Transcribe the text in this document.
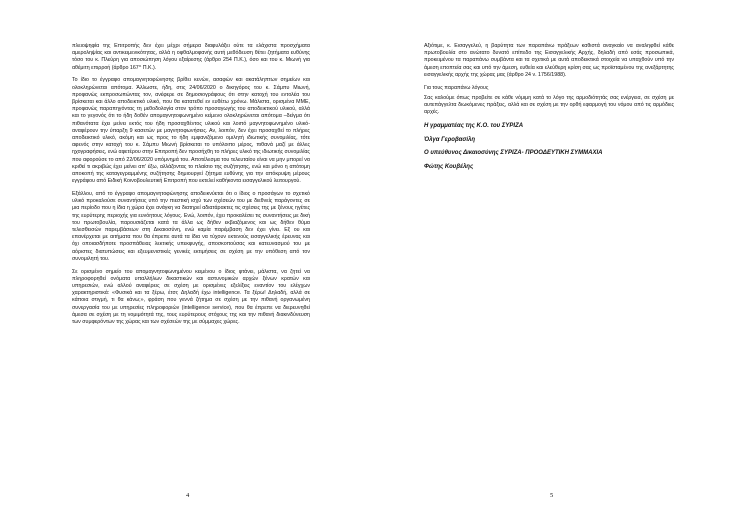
πλειοψηφία της Επιτροπής δεν έχει μέχρι σήμερα διαφυλάξει ούτε τα ελάχιστα προσχήματα αμεροληψίας και αντικειμενικότητας, αλλά η οφθαλμοφανής αυτή μεθόδευση θέτει ζητήματα ευθύνης τόσο του κ. Πλεύρη για αποσιώπηση λόγου εξαίρεσης (άρθρο 254 Π.Κ.), όσο και του κ. Μιωνή για αθέμιτη επιρροή (άρθρο 167^ Π.Κ.).

Το ίδιο το έγγραφο απομαγνητοφώνησης βρίθει κενών, ασαφών και ακατάληπτων σημείων και ολοκληρώνεται απότομα. Άλλωστε, ήδη, στις 24/06/2020 ο δικηγόρος του κ. Σάμπυ Μιωνή, προφανώς εκπροσωπώντας τον, ανέφερε σε δημοσιογράφους ότι στην κατοχή του εντολέα του βρίσκεται και άλλο αποδεικτικό υλικό, που θα κατατεθεί εν ευθέτω χρόνω. Μάλιστα, ορισμένα ΜΜΕ, προφανώς παραπηγόντας τη μεθοδολογία στον τρόπο προσαγωγής του αποδεικτικού υλικού, αλλά και το γεγονός ότι το ήδη δοθέν απομαγνητοφωνημένο κείμενο ολοκληρώνεται απότομα –δείγμα ότι πιθανότατα έχει μείνει εκτός του ήδη προσαχθέντος υλικού και λοιπό μαγνητοφωνημένο υλικό- αναφέρουν την ύπαρξη 9 κασετών με μαγνητοφωνήσεις. Αν, λοιπόν, δεν έχει προσαχθεί το πλήρες αποδεικτικό υλικό, ακόμη και ως προς το ήδη εμφανιζόμενο ομιλητή ιδιωτικής συνομιλίας, τότε αφενός στην κατοχή του κ. Σάμπυ Μιωνή βρίσκεται το υπόλοιπο μέρος, πιθανά μαζί με άλλες ηχογραφήσεις, ενώ αφετέρου στην Επιτροπή δεν προσήχθη το πλήρες υλικό της ιδιωτικής συνομιλίας που αφορούσε το από 22/06/2020 υπόμνημά του. Αποτέλεσμα του τελευταίου είναι να μην μπορεί να κριθεί τι ακριβώς έχει μείνει απ' έξω, αλλάζοντας το πλαίσιο της συζήτησης, ενώ και μόνο η απότομη αποκοπή της καταγεγραμμένης συζήτησης δημιουργεί ζήτημα ευθύνης για την απόκρυψη μέρους εγγράφου από Ειδική Κοινοβουλευτική Επιτροπή που εκτελεί καθήκοντα εισαγγελικού λειτουργού.

Εξάλλου, από το έγγραφο απομαγνητοφώνησης αποδεικνύεται ότι ο ίδιος ο προσάγων το σχετικό υλικό προκαλούσε συναντήσεις υπό την πιεστική ισχύ των σχέσεών του με διεθνείς παράγοντες σε μια περίοδο που η ίδια η χώρα έχει ανάγκη να διατηρεί αδιατάρακτες τις σχέσεις της με ξένους ηγέτες της ευρύτερης περιοχής για ευνόητους λόγους. Ενώ, λοιπόν, έχει προκαλέσει τις συναντήσεις με δική του πρωτοβουλία, παρουσιάζεται κατά τα άλλα ως δήθεν εκβιαζόμενος και ως δήθεν θύμα τελεσθεισών παρεμβάσεων στη Δικαιοσύνη, ενώ καμία παρέμβαση δεν έχει γίνει. Εξ ου και επανέρχεται με αιτήματα που θα έπρεπε αυτά τα ίδια να τύχουν εκτενούς εισαγγελικής έρευνας και όχι οποιασδήποτε προσπάθειας λεκτικής υπεκφυγής, αποσκοπούσας και κατευνασμού του με αόριστες διατυπώσεις και εξευμενιστικές γενικές εκτιμήσεις σε σχέση με την υπόθεση από τον συνομιλητή του.

Σε ορισμένο σημείο του απομαγνητοφωνημένου κειμένου ο ίδιος φτάνει, μάλιστα, να ζητεί να πληροφορηθεί ονόματα υπαλλήλων δικαστικών και αστυνομικών αρχών ξένων κρατών και υπηρεσιών, ενώ αλλού αναφέρεις σε σχέση με ορισμένες εξελίξεις εναντίον του ελέγχων χαρακτηριστικά: «Φυσικά και τα ξέρω, έτσι; Δηλαδή έχω intelligence. Τα ξέρω! Δηλαδή, αλλά σε κάποια στιγμή, τι θα κάνω;», φράση που γεννά ζήτημα σε σχέση με την πιθανή οργανωμένη συνεργασία του με υπηρεσίες πληροφοριών (intelligence service), που θα έπρεπε να διερευνηθεί άμεσα σε σχέση με τη νομιμότητά της, τους ευρύτερους στόχους της και την πιθανή διακινδύνευση των συμφερόντων της χώρας και των σχέσεών της με σύμμαχες χώρες.

4

Αξιότιμε, κ. Εισαγγελεύ, η βαρύτητα των παραπάνω πράξεων καθιστά αναγκαίο να αναληφθεί κάθε πρωτοβουλία στο ανώτατο δυνατό επίπεδο της Εισαγγελικής Αρχής, δηλαδή από εσάς προσωπικά, προκειμένου τα παραπάνω συμβάντα και τα σχετικά με αυτά αποδεικτικά στοιχεία να υπαχθούν υπό την άμεση εποπτεία σας και υπό την άμεση, ευθεία και ελεύθερη κρίση σας ως προϊσταμένου της ανεξάρτητης εισαγγελικής αρχής της χώρας μας (άρθρο 24 ν. 1756/1988).

Για τους παραπάνω λόγους

Σας καλούμε όπως προβείτε σε κάθε νόμιμη κατά το λόγο της αρμοδιότητάς σας ενέργεια, σε σχέση με αυτεπάγγελτα διωκόμενες πράξεις, αλλά και σε σχέση με την ορθή εφαρμογή του νόμου από τις αρμόδιες αρχές.

Η γραμματέας της Κ.Ο. του ΣΥΡΙΖΑ

Όλγα Γεροβασίλη

Ο υπεύθυνος Δικαιοσύνης ΣΥΡΙΖΑ- ΠΡΟΟΔΕΥΤΙΚΗ ΣΥΜΜΑΧΙΑ

Φώτης Κουβέλης

5
